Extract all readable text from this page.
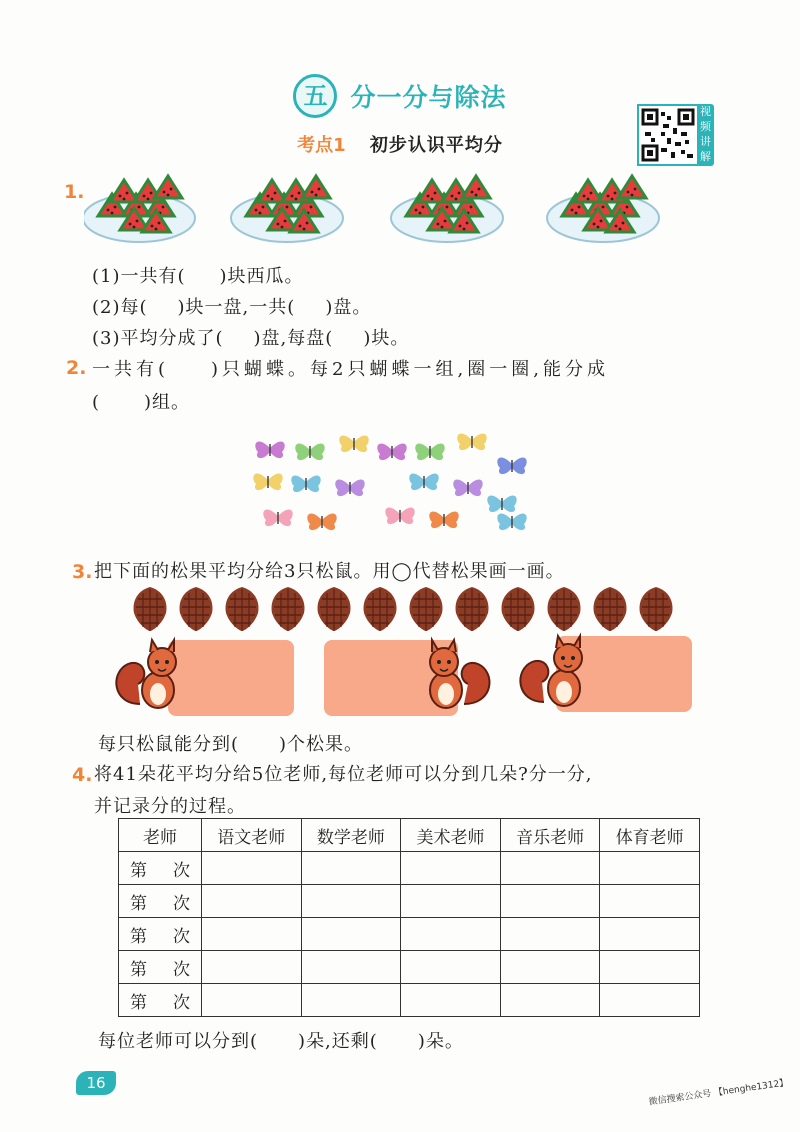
五 分一分与除法
考点1 初步认识平均分
视频讲解
1.
(1)一共有( )块西瓜。
(2)每( )块一盘,一共( )盘。
(3)平均分成了( )盘,每盘( )块。
2. 一共有( )只蝴蝶。每2只蝴蝶一组,圈一圈,能分成
( )组。
3. 把下面的松果平均分给3只松鼠。用◯代替松果画一画。
每只松鼠能分到( )个松果。
4. 将41朵花平均分给5位老师,每位老师可以分到几朵?分一分,
并记录分的过程。
老师	语文老师	数学老师	美术老师	音乐老师	体育老师
第 次					
第 次					
第 次					
第 次					
第 次					
每位老师可以分到( )朵,还剩( )朵。
16	微信搜索公众号 【henghe1312】
